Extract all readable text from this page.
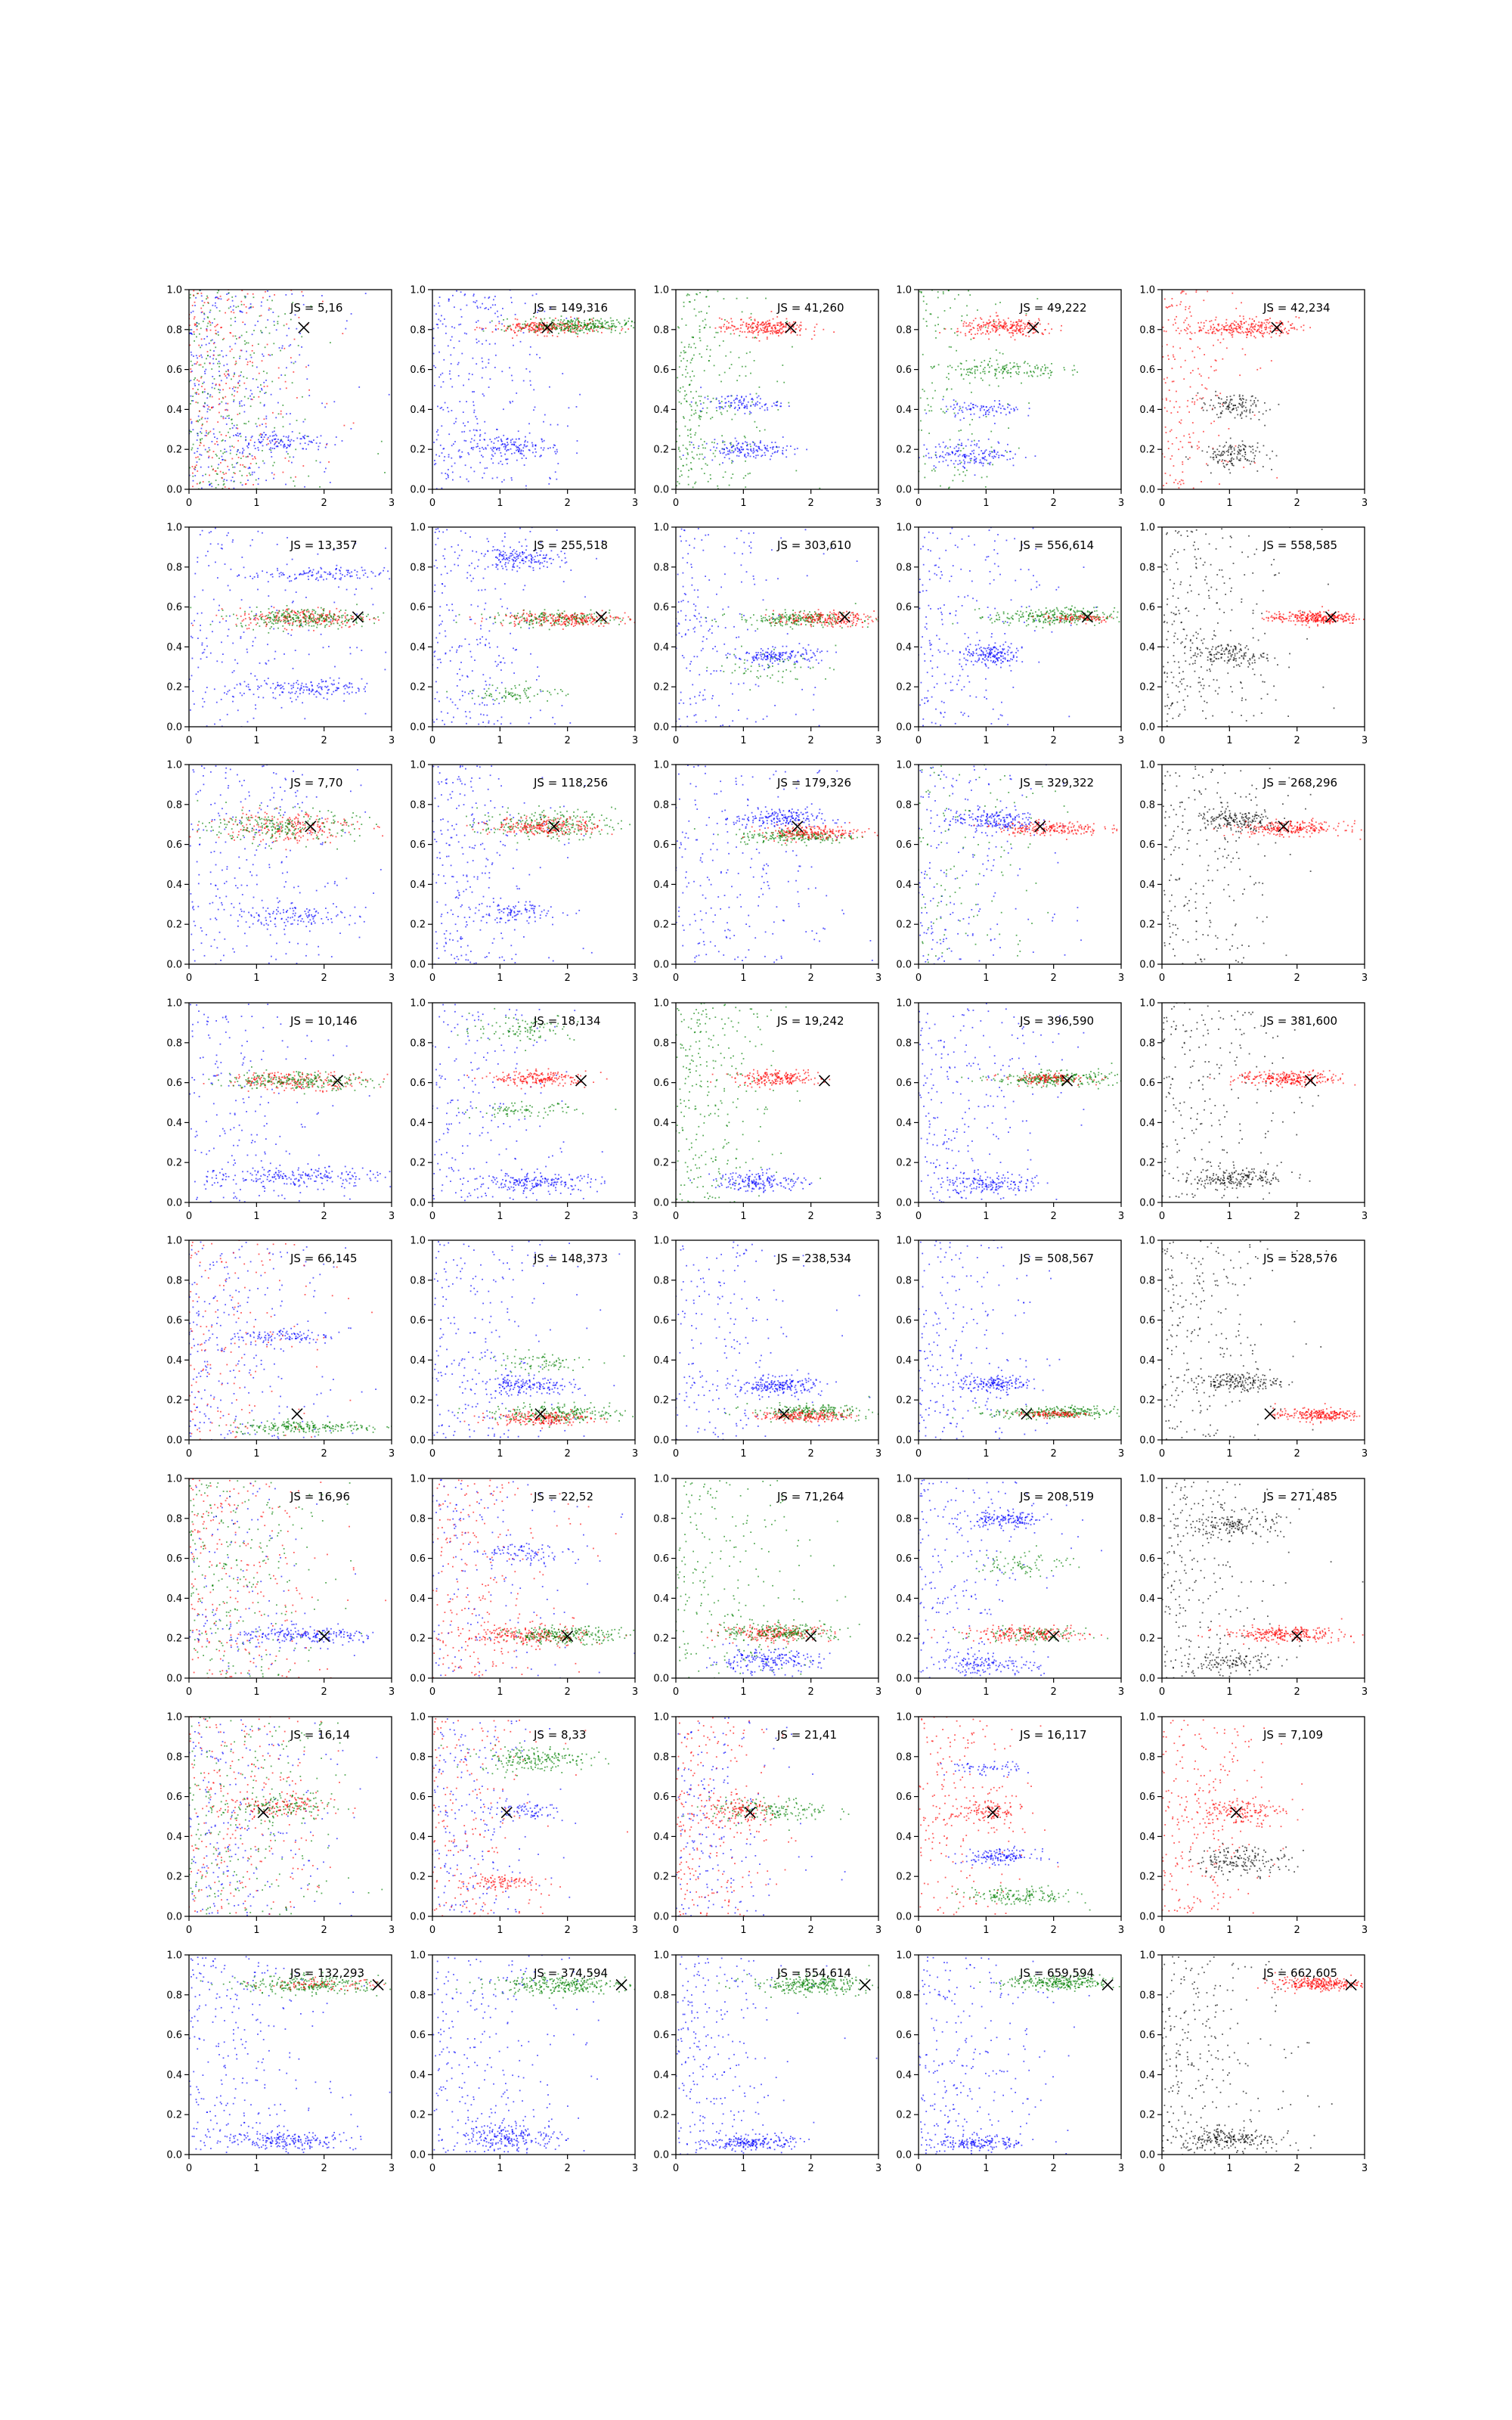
0	1	2	3
0.0
0.2
0.4
0.6
0.8
1.0
JS = 5,16
0	1	2	3
0.0
0.2
0.4
0.6
0.8
1.0
JS = 149,316
0	1	2	3
0.0
0.2
0.4
0.6
0.8
1.0
JS = 41,260
0	1	2	3
0.0
0.2
0.4
0.6
0.8
1.0
JS = 49,222
0	1	2	3
0.0
0.2
0.4
0.6
0.8
1.0
JS = 42,234
0	1	2	3
0.0
0.2
0.4
0.6
0.8
1.0
JS = 13,357
0	1	2	3
0.0
0.2
0.4
0.6
0.8
1.0
JS = 255,518
0	1	2	3
0.0
0.2
0.4
0.6
0.8
1.0
JS = 303,610
0	1	2	3
0.0
0.2
0.4
0.6
0.8
1.0
JS = 556,614
0	1	2	3
0.0
0.2
0.4
0.6
0.8
1.0
JS = 558,585
0	1	2	3
0.0
0.2
0.4
0.6
0.8
1.0
JS = 7,70
0	1	2	3
0.0
0.2
0.4
0.6
0.8
1.0
JS = 118,256
0	1	2	3
0.0
0.2
0.4
0.6
0.8
1.0
JS = 179,326
0	1	2	3
0.0
0.2
0.4
0.6
0.8
1.0
JS = 329,322
0	1	2	3
0.0
0.2
0.4
0.6
0.8
1.0
JS = 268,296
0	1	2	3
0.0
0.2
0.4
0.6
0.8
1.0
JS = 10,146
0	1	2	3
0.0
0.2
0.4
0.6
0.8
1.0
JS = 18,134
0	1	2	3
0.0
0.2
0.4
0.6
0.8
1.0
JS = 19,242
0	1	2	3
0.0
0.2
0.4
0.6
0.8
1.0
JS = 396,590
0	1	2	3
0.0
0.2
0.4
0.6
0.8
1.0
JS = 381,600
0	1	2	3
0.0
0.2
0.4
0.6
0.8
1.0
JS = 66,145
0	1	2	3
0.0
0.2
0.4
0.6
0.8
1.0
JS = 148,373
0	1	2	3
0.0
0.2
0.4
0.6
0.8
1.0
JS = 238,534
0	1	2	3
0.0
0.2
0.4
0.6
0.8
1.0
JS = 508,567
0	1	2	3
0.0
0.2
0.4
0.6
0.8
1.0
JS = 528,576
0	1	2	3
0.0
0.2
0.4
0.6
0.8
1.0
JS = 16,96
0	1	2	3
0.0
0.2
0.4
0.6
0.8
1.0
JS = 22,52
0	1	2	3
0.0
0.2
0.4
0.6
0.8
1.0
JS = 71,264
0	1	2	3
0.0
0.2
0.4
0.6
0.8
1.0
JS = 208,519
0	1	2	3
0.0
0.2
0.4
0.6
0.8
1.0
JS = 271,485
0	1	2	3
0.0
0.2
0.4
0.6
0.8
1.0
JS = 16,14
0	1	2	3
0.0
0.2
0.4
0.6
0.8
1.0
JS = 8,33
0	1	2	3
0.0
0.2
0.4
0.6
0.8
1.0
JS = 21,41
0	1	2	3
0.0
0.2
0.4
0.6
0.8
1.0
JS = 16,117
0	1	2	3
0.0
0.2
0.4
0.6
0.8
1.0
JS = 7,109
0	1	2	3
0.0
0.2
0.4
0.6
0.8
1.0
JS = 132,293
0	1	2	3
0.0
0.2
0.4
0.6
0.8
1.0
JS = 374,594
0	1	2	3
0.0
0.2
0.4
0.6
0.8
1.0
JS = 554,614
0	1	2	3
0.0
0.2
0.4
0.6
0.8
1.0
JS = 659,594
0	1	2	3
0.0
0.2
0.4
0.6
0.8
1.0
JS = 662,605
